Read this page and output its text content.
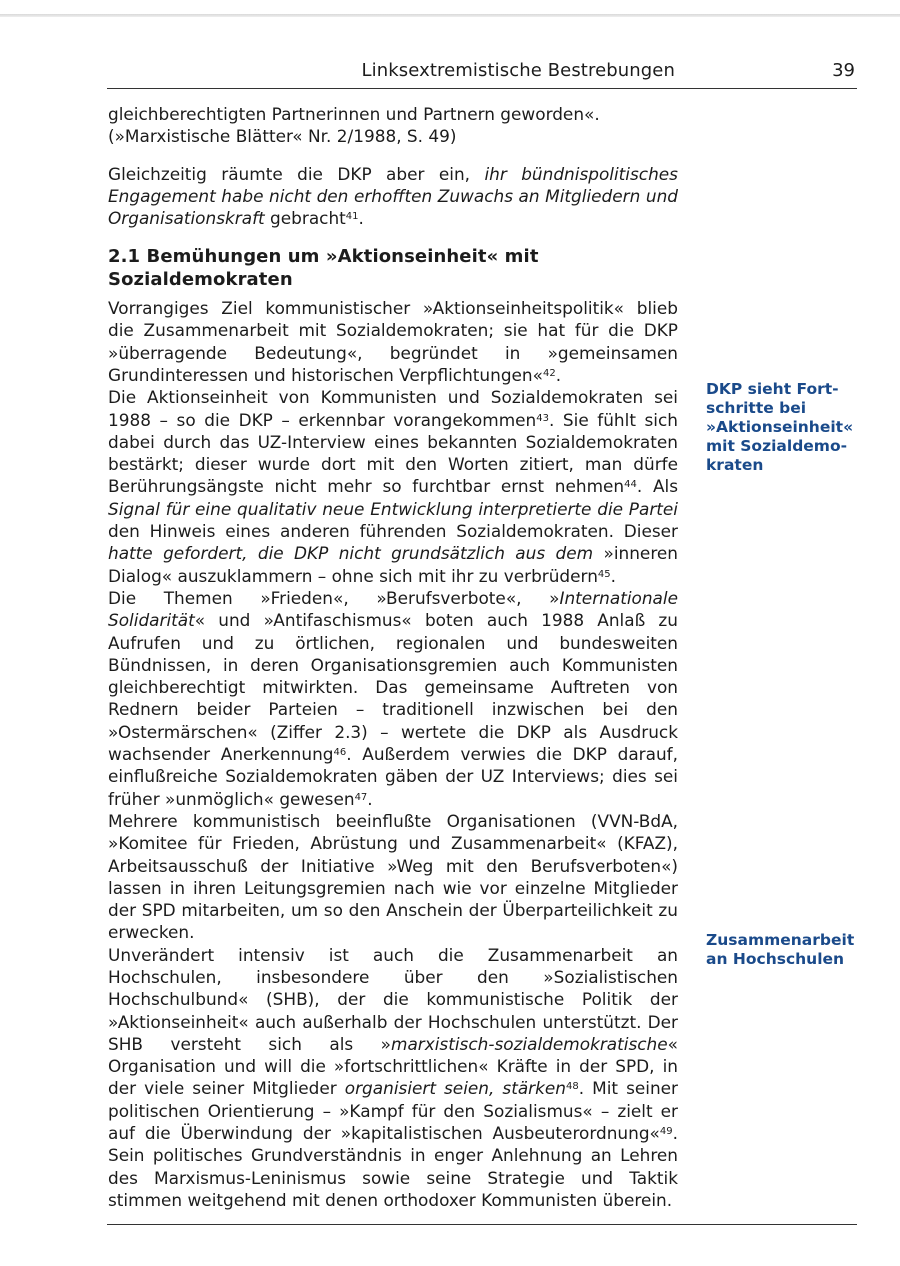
Linksextremistische Bestrebungen	39

gleichberechtigten Partnerinnen und Partnern geworden«.
(»Marxistische Blätter« Nr. 2/1988, S. 49)

Gleichzeitig räumte die DKP aber ein, ihr bündnispolitisches Engagement habe nicht den erhofften Zuwachs an Mitgliedern und Organisationskraft gebracht$^{41}$.

2.1 Bemühungen um »Aktionseinheit« mit Sozialdemokraten

Vorrangiges Ziel kommunistischer »Aktionseinheitspolitik« blieb die Zusammenarbeit mit Sozialdemokraten; sie hat für die DKP »überragende Bedeutung«, begründet in »gemeinsamen Grundinteressen und historischen Verpflichtungen«$^{42}$.

Die Aktionseinheit von Kommunisten und Sozialdemokraten sei 1988 – so die DKP – erkennbar vorangekommen$^{43}$. Sie fühlt sich dabei durch das UZ-Interview eines bekannten Sozialdemokraten bestärkt; dieser wurde dort mit den Worten zitiert, man dürfe Berührungsängste nicht mehr so furchtbar ernst nehmen$^{44}$. Als Signal für eine qualitativ neue Entwicklung interpretierte die Partei den Hinweis eines anderen führenden Sozialdemokraten. Dieser hatte gefordert, die DKP nicht grundsätzlich aus dem »inneren Dialog« auszuklammern – ohne sich mit ihr zu verbrüdern$^{45}$.

Die Themen »Frieden«, »Berufsverbote«, »Internationale Solidarität« und »Antifaschismus« boten auch 1988 Anlaß zu Aufrufen und zu örtlichen, regionalen und bundesweiten Bündnissen, in deren Organisationsgremien auch Kommunisten gleichberechtigt mitwirkten. Das gemeinsame Auftreten von Rednern beider Parteien – traditionell inzwischen bei den »Ostermärschen« (Ziffer 2.3) – wertete die DKP als Ausdruck wachsender Anerkennung$^{46}$. Außerdem verwies die DKP darauf, einflußreiche Sozialdemokraten gäben der UZ Interviews; dies sei früher »unmöglich« gewesen$^{47}$.

Mehrere kommunistisch beeinflußte Organisationen (VVN-BdA, »Komitee für Frieden, Abrüstung und Zusammenarbeit« (KFAZ), Arbeitsausschuß der Initiative »Weg mit den Berufsverboten«) lassen in ihren Leitungsgremien nach wie vor einzelne Mitglieder der SPD mitarbeiten, um so den Anschein der Überparteilichkeit zu erwecken.

Unverändert intensiv ist auch die Zusammenarbeit an Hochschulen, insbesondere über den »Sozialistischen Hochschulbund« (SHB), der die kommunistische Politik der »Aktionseinheit« auch außerhalb der Hochschulen unterstützt. Der SHB versteht sich als »marxistisch-sozialdemokratische« Organisation und will die »fortschrittlichen« Kräfte in der SPD, in der viele seiner Mitglieder organisiert seien, stärken$^{48}$. Mit seiner politischen Orientierung – »Kampf für den Sozialismus« – zielt er auf die Überwindung der »kapitalistischen Ausbeuterordnung«$^{49}$. Sein politisches Grundverständnis in enger Anlehnung an Lehren des Marxismus-Leninismus sowie seine Strategie und Taktik stimmen weitgehend mit denen orthodoxer Kommunisten überein.

DKP sieht Fort-
schritte bei
»Aktionseinheit«
mit Sozialdemo-
kraten
Zusammenarbeit
an Hochschulen
